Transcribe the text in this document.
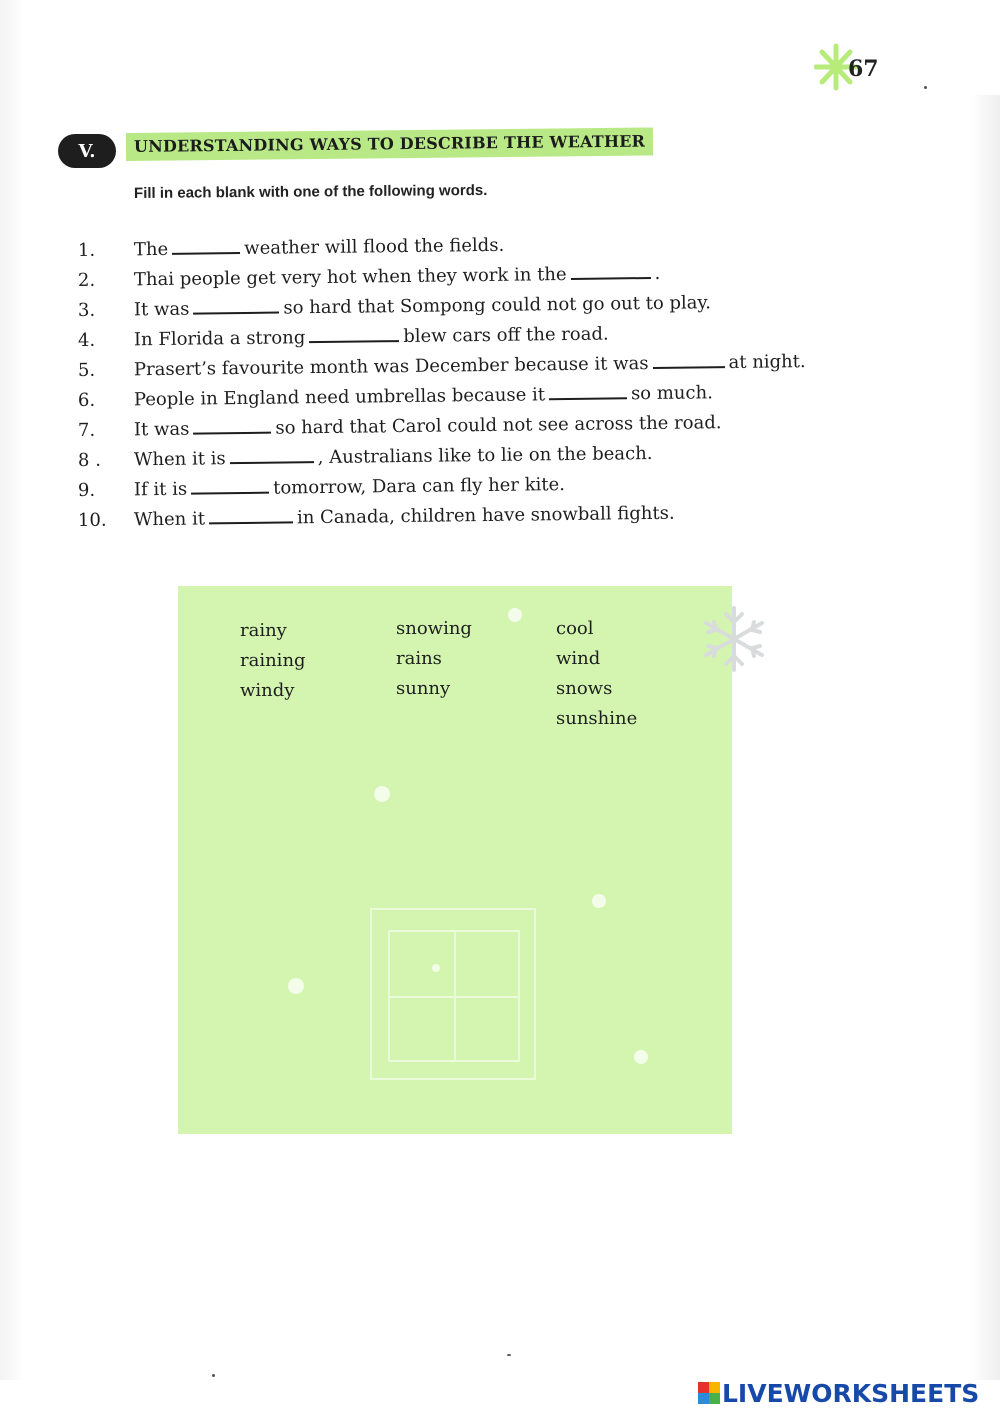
67
V.	UNDERSTANDING WAYS TO DESCRIBE THE WEATHER
Fill in each blank with one of the following words.
1.	The	weather will flood the fields.
2.	Thai people get very hot when they work in the	.
3.	It was	so hard that Sompong could not go out to play.
4.	In Florida a strong	blew cars off the road.
5.	Prasert’s favourite month was December because it was	at night.
6.	People in England need umbrellas because it	so much.
7.	It was	so hard that Carol could not see across the road.
8 .	When it is	, Australians like to lie on the beach.
9.	If it is	tomorrow, Dara can fly her kite.
10.	When it	in Canada, children have snowball fights.
rainy
raining
windy
snowing
rains
sunny
cool
wind
snows
sunshine
LIVEWORKSHEETS
